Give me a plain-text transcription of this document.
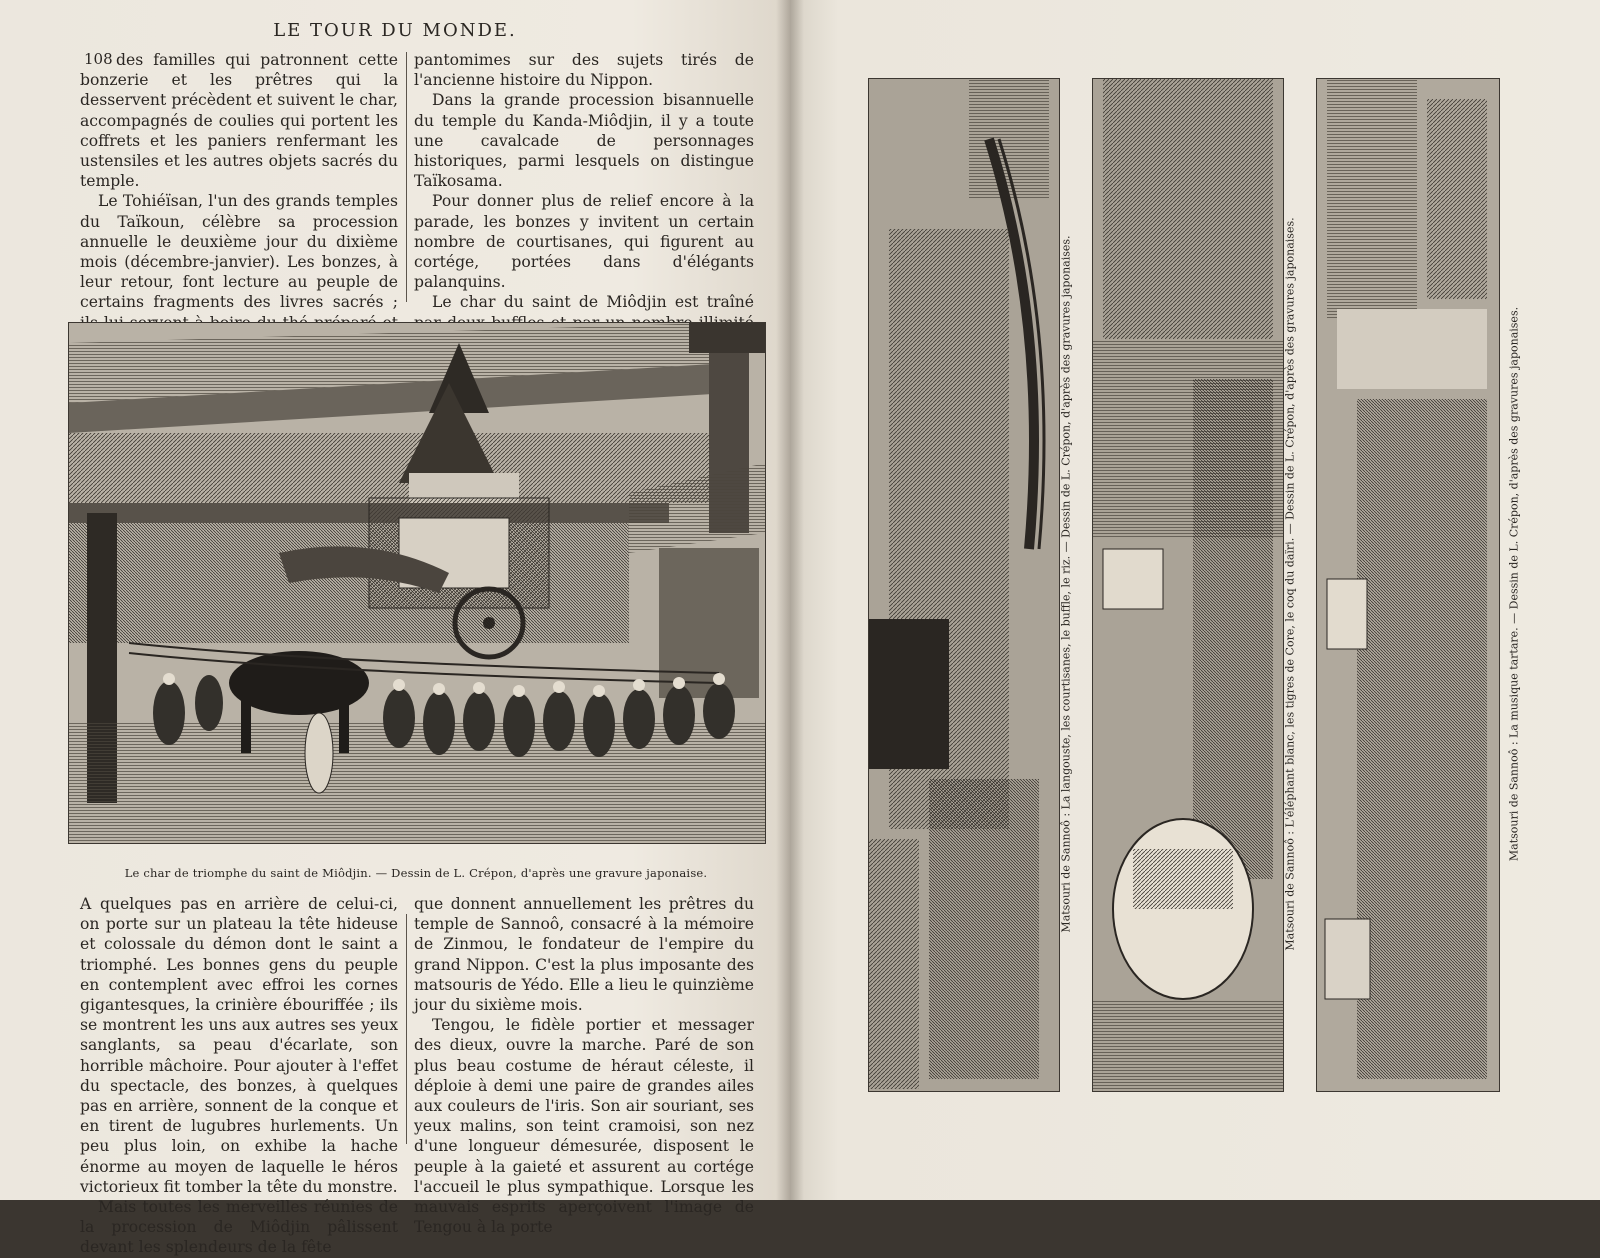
LE TOUR DU MONDE.
108 des familles qui patronnent cette bonzerie et les prêtres qui la desservent précèdent et suivent le char, accompagnés de coulies qui portent les coffrets et les paniers renfermant les ustensiles et les autres objets sacrés du temple.

Le Tohiéïsan, l'un des grands temples du Taïkoun, célèbre sa procession annuelle le deuxième jour du dixième mois (décembre-janvier). Les bonzes, à leur retour, font lecture au peuple de certains fragments des livres sacrés ;

pantomimes sur des sujets tirés de l'ancienne histoire du Nippon.

Dans la grande procession bisannuelle du temple du Kanda-Miôdjin, il y a toute une cavalcade de personnages historiques, parmi lesquels on distingue Taïkosama.

Pour donner plus de relief encore à la parade, les bonzes y invitent un certain nombre de courtisanes, qui figurent au cortége, portées dans d'élégants palanquins.

Le char du saint de Miôdjin est traîné

Le char de triomphe du saint de Miôdjin. — Dessin de L. Crépon, d'après une gravure japonaise.

A quelques pas en arrière de celui-ci, on porte sur un plateau la tête hideuse et colossale du démon dont le saint a triomphé. Les bonnes gens du peuple en contemplent avec effroi les cornes gigantesques, la crinière ébouriffée ; ils se montrent les uns aux autres ses yeux sanglants, sa peau d'écarlate, son horrible mâchoire. Pour ajouter à l'effet du spectacle, des bonzes, à quelques pas en arrière, sonnent de la conque et en tirent de lugubres hurlements. Un peu plus loin, on exhibe la hache énorme au moyen de laquelle le héros victorieux fit tomber la tête du monstre.

Mais toutes les merveilles réunies de la procession de Miôdjin pâlissent devant les splendeurs de la fête

que donnent annuellement les prêtres du temple de Sannoô, consacré à la mémoire de Zinmou, le fondateur de l'empire du grand Nippon. C'est la plus imposante des matsouris de Yédo. Elle a lieu le quinzième jour du sixième mois.

Tengou, le fidèle portier et messager des dieux, ouvre la marche. Paré de son plus beau costume de héraut céleste, il déploie à demi une paire de grandes ailes aux couleurs de l'iris. Son air souriant, ses yeux malins, son teint cramoisi, son nez d'une longueur démesurée, disposent le peuple à la gaieté et assurent au cortége l'accueil le plus sympathique. Lorsque les mauvais esprits aperçoivent l'image de Tengou à la porte

Matsouri de Sannoô : La langouste, les courtisanes, le buffle, le riz. — Dessin de L. Crépon, d'après des gravures japonaises.	Matsouri de Sannoô : L'éléphant blanc, les tigres de Core, le coq du daïri. — Dessin de L. Crépon, d'après des gravures japonaises.	Matsouri de Sannoô : La musique tartare. — Dessin de L. Crépon, d'après des gravures japonaises.
